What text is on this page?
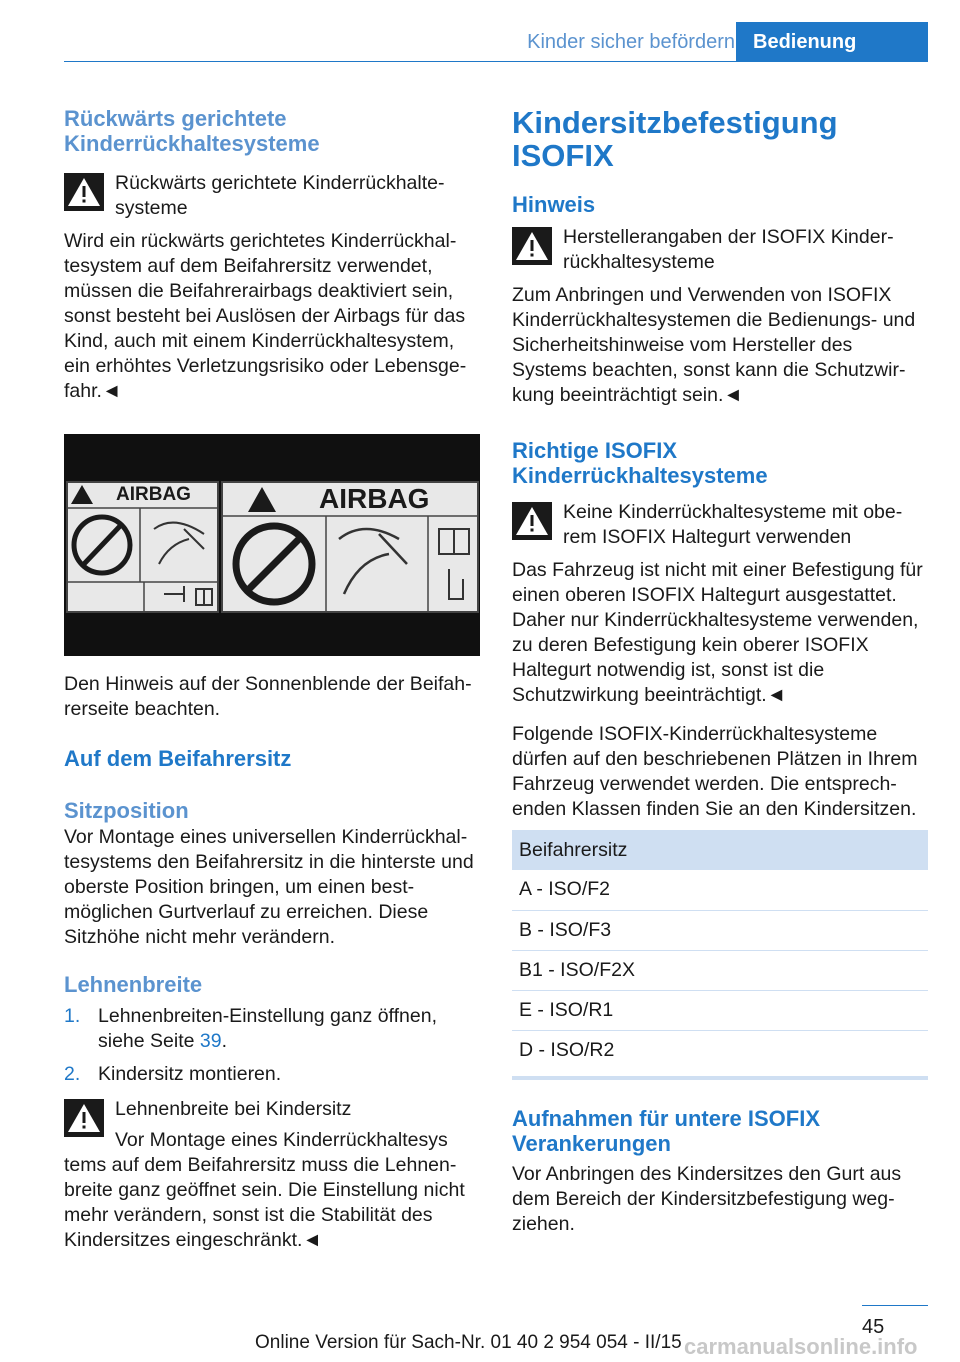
Kinder sicher befördern Bedienung
Rückwärts gerichtete Kinderrückhaltesysteme
Rückwärts gerichtete Kinderrückhaltesysteme

Wird ein rückwärts gerichtetes Kinderrückhaltesystem auf dem Beifahrersitz verwendet, müssen die Beifahrerairbags deaktiviert sein, sonst besteht bei Auslösen der Airbags für das Kind, auch mit einem Kinderrückhaltesystem, ein erhöhtes Verletzungsrisiko oder Lebensgefahr.◄

AIRBAG	AIRBAG

Den Hinweis auf der Sonnenblende der Beifahrerseite beachten.

Auf dem Beifahrersitz
Sitzposition

Vor Montage eines universellen Kinderrückhaltesystems den Beifahrersitz in die hinterste und oberste Position bringen, um einen bestmöglichen Gurtverlauf zu erreichen. Diese Sitzhöhe nicht mehr verändern.

Lehnenbreite
1. Lehnenbreiten-Einstellung ganz öffnen, siehe Seite 39.
2. Kindersitz montieren.
Lehnenbreite bei Kindersitz
Vor Montage eines Kinderrückhaltesys

tems auf dem Beifahrersitz muss die Lehnenbreite ganz geöffnet sein. Die Einstellung nicht mehr verändern, sonst ist die Stabilität des Kindersitzes eingeschränkt.◄

Kindersitzbefestigung ISOFIX
Hinweis
Herstellerangaben der ISOFIX Kinderrückhaltesysteme

Zum Anbringen und Verwenden von ISOFIX Kinderrückhaltesystemen die Bedienungs- und Sicherheitshinweise vom Hersteller des Systems beachten, sonst kann die Schutzwirkung beeinträchtigt sein.◄

Richtige ISOFIX Kinderrückhaltesysteme
Keine Kinderrückhaltesysteme mit oberem ISOFIX Haltegurt verwenden

Das Fahrzeug ist nicht mit einer Befestigung für einen oberen ISOFIX Haltegurt ausgestattet. Daher nur Kinderrückhaltesysteme verwenden, zu deren Befestigung kein oberer ISOFIX Haltegurt notwendig ist, sonst ist die Schutzwirkung beeinträchtigt.◄

Folgende ISOFIX-Kinderrückhaltesysteme dürfen auf den beschriebenen Plätzen in Ihrem Fahrzeug verwendet werden. Die entsprechenden Klassen finden Sie an den Kindersitzen.

Beifahrersitz
A - ISO/F2
B - ISO/F3
B1 - ISO/F2X
E - ISO/R1
D - ISO/R2
Aufnahmen für untere ISOFIX Verankerungen

Vor Anbringen des Kindersitzes den Gurt aus dem Bereich der Kindersitzbefestigung wegziehen.

45
Online Version für Sach-Nr. 01 40 2 954 054 - II/15 carmanualsonline.info
